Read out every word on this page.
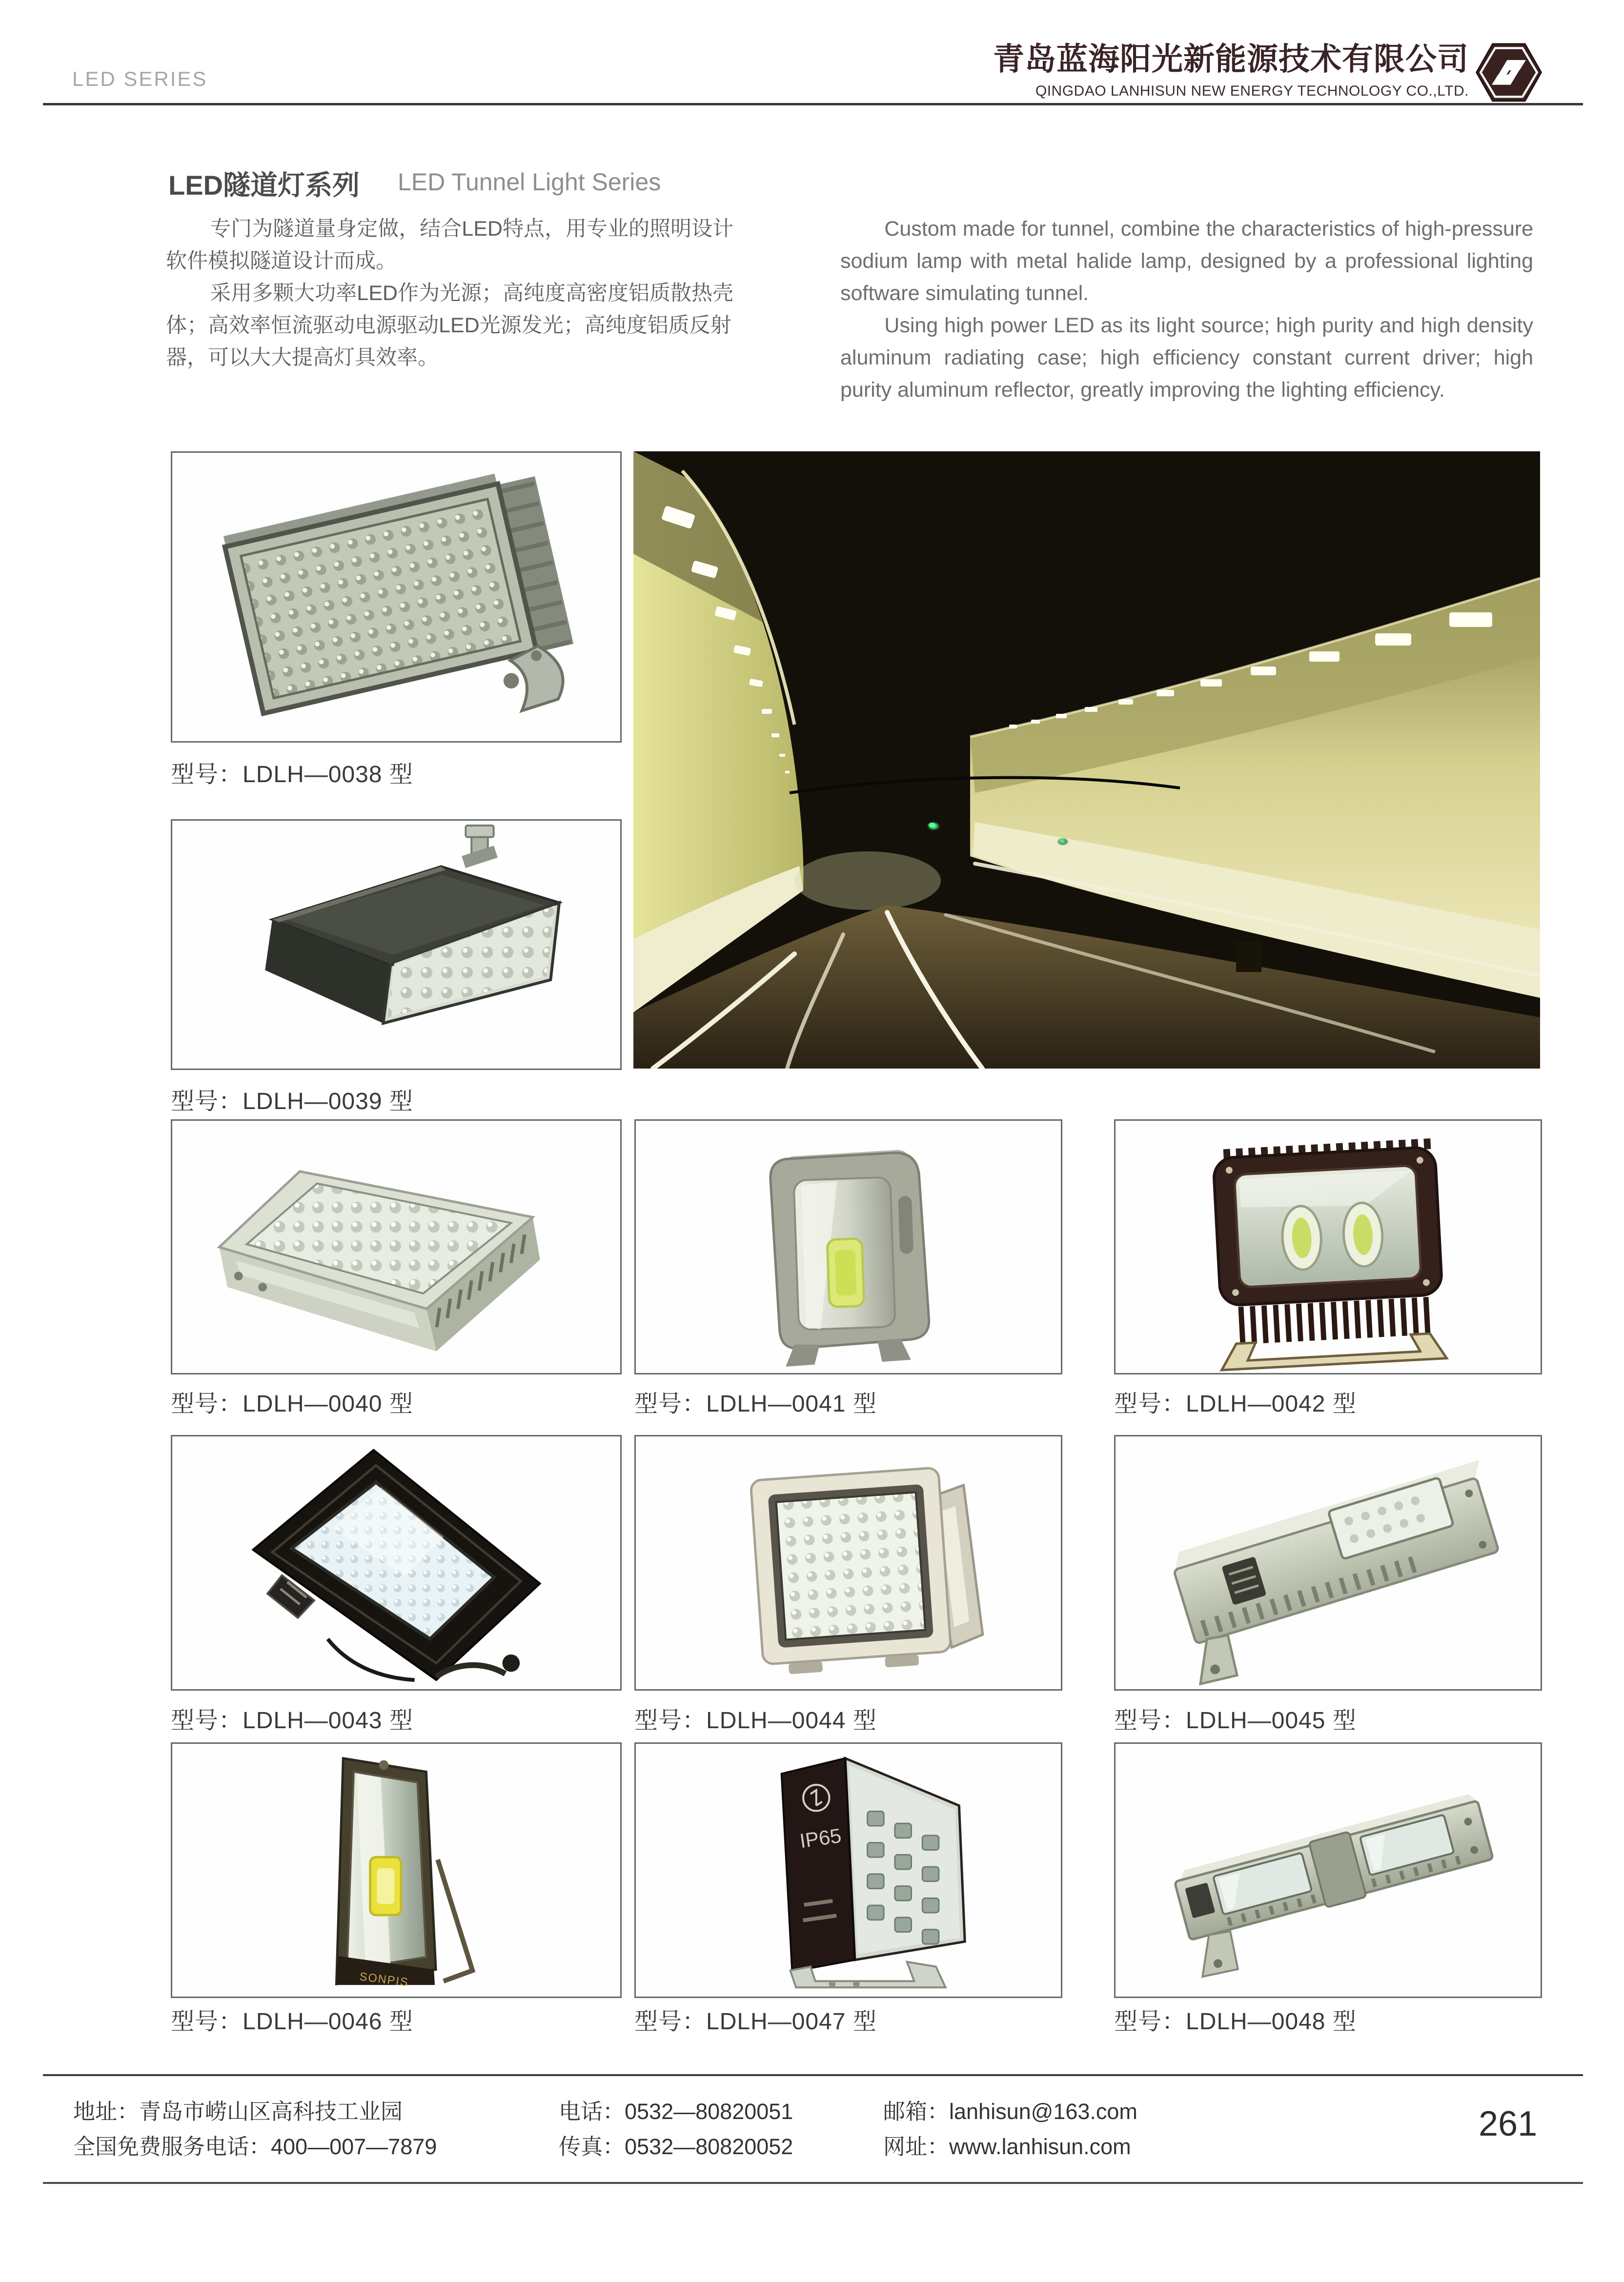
LED SERIES
青岛蓝海阳光新能源技术有限公司
QINGDAO LANHISUN NEW ENERGY TECHNOLOGY CO.,LTD.
LED隧道灯系列 LED Tunnel Light Series

专门为隧道量身定做，结合LED特点，用专业的照明设计软件模拟隧道设计而成。

采用多颗大功率LED作为光源；高纯度高密度铝质散热壳体；高效率恒流驱动电源驱动LED光源发光；高纯度铝质反射器，可以大大提高灯具效率。

Custom made for tunnel, combine the characteristics of high-pressure sodium lamp with metal halide lamp, designed by a professional lighting software simulating tunnel.

Using high power LED as its light source; high purity and high density aluminum radiating case; high efficiency constant current driver; high purity aluminum reflector, greatly improving the lighting efficiency.

型号：LDLH—0038 型
型号：LDLH—0039 型
型号：LDLH—0040 型	型号：LDLH—0041 型	型号：LDLH—0042 型
型号：LDLH—0043 型	型号：LDLH—0044 型	型号：LDLH—0045 型
SONPIS
型号：LDLH—0046 型
IP65
型号：LDLH—0047 型	型号：LDLH—0048 型
地址：青岛市崂山区高科技工业园
全国免费服务电话：400—007—7879
电话：0532—80820051
传真：0532—80820052
邮箱：lanhisun@163.com
网址：www.lanhisun.com
261
